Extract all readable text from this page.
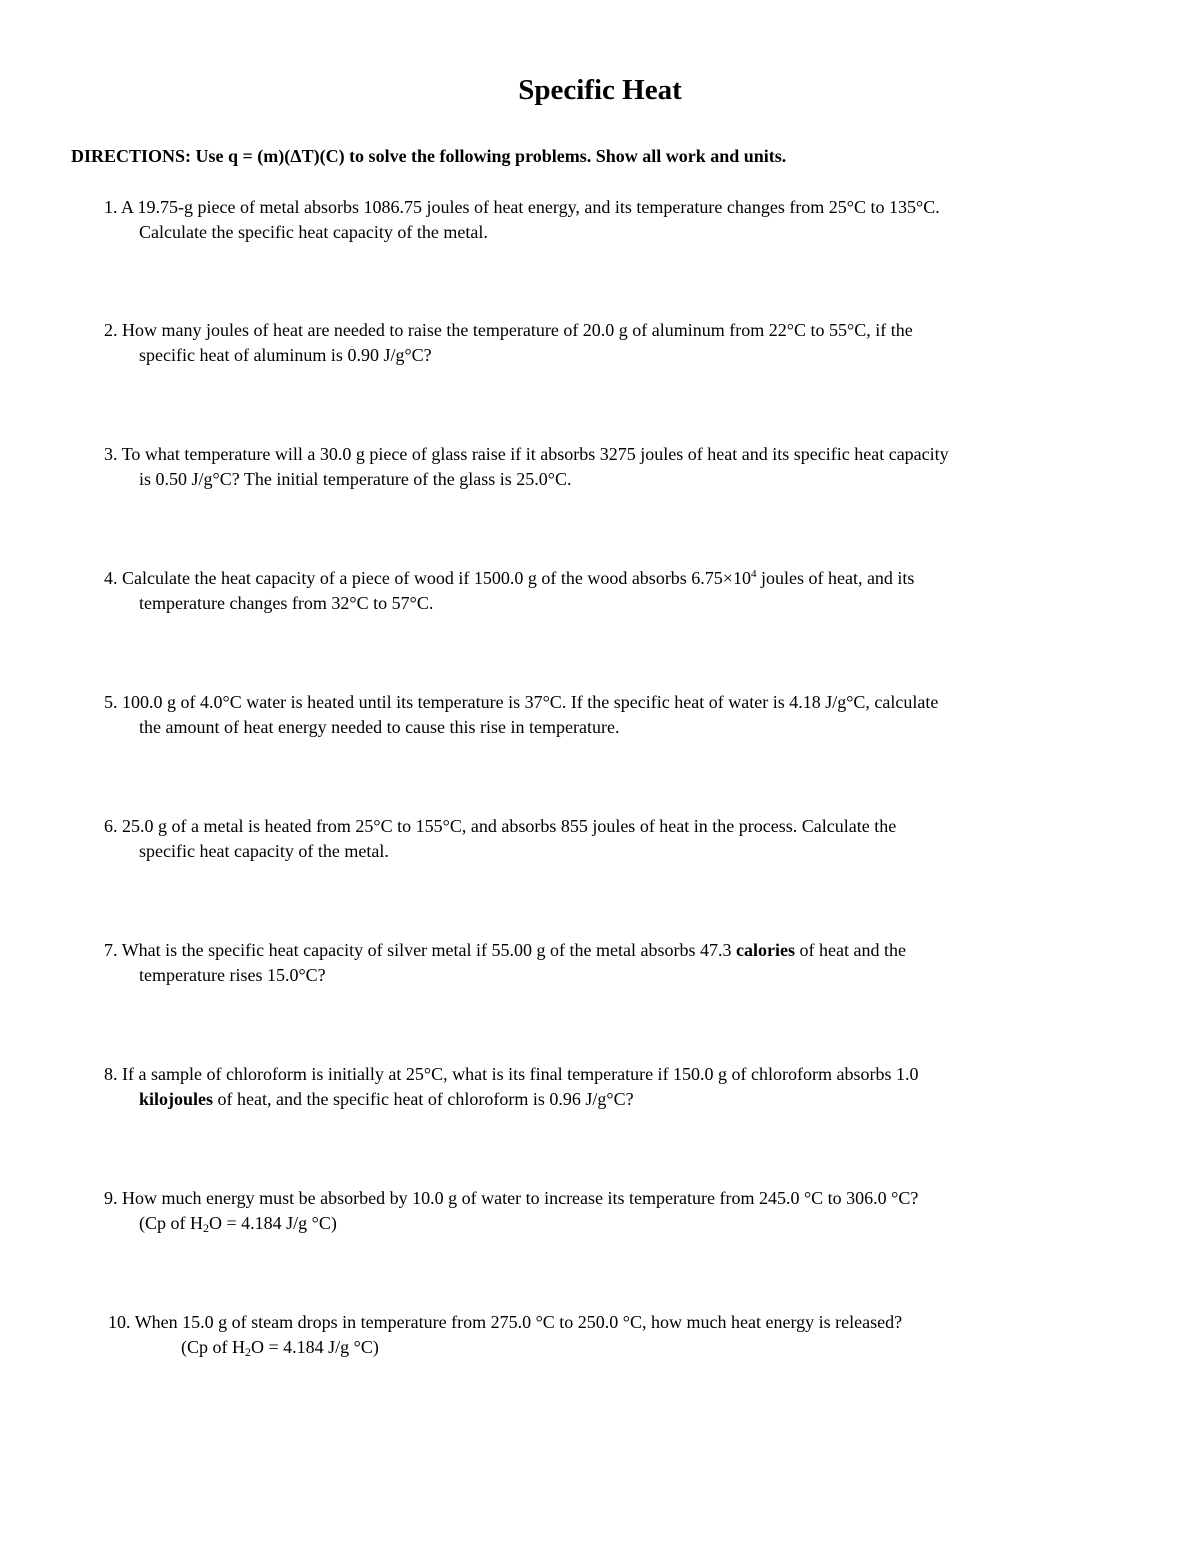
Specific Heat
DIRECTIONS: Use q = (m)(ΔT)(C) to solve the following problems. Show all work and units.
1. A 19.75-g piece of metal absorbs 1086.75 joules of heat energy, and its temperature changes from 25°C to 135°C.
Calculate the specific heat capacity of the metal.
2. How many joules of heat are needed to raise the temperature of 20.0 g of aluminum from 22°C to 55°C, if the
specific heat of aluminum is 0.90 J/g°C?
3. To what temperature will a 30.0 g piece of glass raise if it absorbs 3275 joules of heat and its specific heat capacity
is 0.50 J/g°C? The initial temperature of the glass is 25.0°C.
4. Calculate the heat capacity of a piece of wood if 1500.0 g of the wood absorbs $6.75\times 10^4$ joules of heat, and its
temperature changes from 32°C to 57°C.
5. 100.0 g of 4.0°C water is heated until its temperature is 37°C. If the specific heat of water is 4.18 J/g°C, calculate
the amount of heat energy needed to cause this rise in temperature.
6. 25.0 g of a metal is heated from 25°C to 155°C, and absorbs 855 joules of heat in the process. Calculate the
specific heat capacity of the metal.
7. What is the specific heat capacity of silver metal if 55.00 g of the metal absorbs 47.3 calories of heat and the
temperature rises 15.0°C?
8. If a sample of chloroform is initially at 25°C, what is its final temperature if 150.0 g of chloroform absorbs 1.0
kilojoules of heat, and the specific heat of chloroform is 0.96 J/g°C?
9. How much energy must be absorbed by 10.0 g of water to increase its temperature from 245.0 °C to 306.0 °C?
(Cp of $H_2O = 4.184$ J/g °C)
10. When 15.0 g of steam drops in temperature from 275.0 °C to 250.0 °C, how much heat energy is released?
(Cp of $H_2O = 4.184$ J/g °C)
